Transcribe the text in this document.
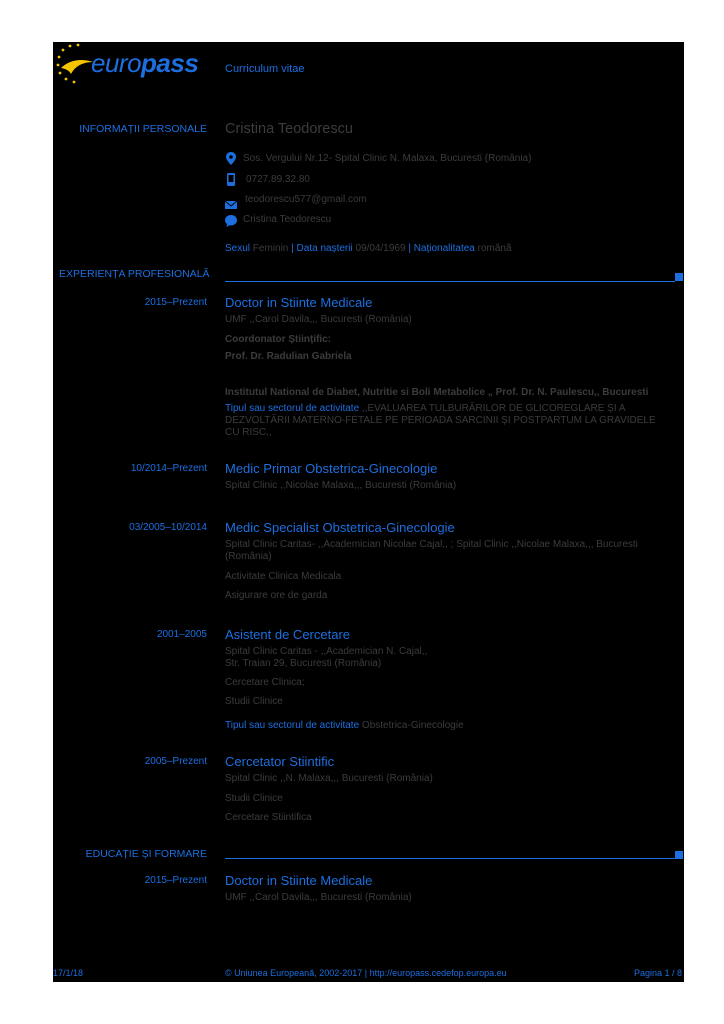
europass Curriculum vitae
INFORMAȚII PERSONALE Cristina Teodorescu
Sos. Vergului Nr.12- Spital Clinic N. Malaxa, Bucuresti (România)
0727.89.32.80
teodorescu577@gmail.com
Cristina Teodorescu
Sexul Feminin | Data nașterii 09/04/1969 | Naționalitatea română
EXPERIENȚA PROFESIONALĂ
2015–Prezent Doctor in Stiinte Medicale
UMF ,,Carol Davila,,, Bucuresti (România)
Coordonator Științific:
Prof. Dr. Radulian Gabriela
Institutul National de Diabet, Nutritie si Boli Metabolice „ Prof. Dr. N. Paulescu,, Bucuresti
Tipul sau sectorul de activitate ,,EVALUAREA TULBURĂRILOR DE GLICOREGLARE ȘI A
DEZVOLTĂRII MATERNO-FETALE PE PERIOADA SARCINII ȘI POSTPARTUM LA GRAVIDELE
CU RISC,,
10/2014–Prezent Medic Primar Obstetrica-Ginecologie
Spital Clinic ,,Nicolae Malaxa,,, Bucuresti (România)
03/2005–10/2014 Medic Specialist Obstetrica-Ginecologie
Spital Clinic Caritas- ,,Academician Nicolae Cajal,, ; Spital Clinic ,,Nicolae Malaxa,,, Bucuresti
(România)
Activitate Clinica Medicala
Asigurare ore de garda
2001–2005 Asistent de Cercetare
Spital Clinic Caritas - ,,Academician N. Cajal,,
Str. Traian 29, Bucuresti (România)
Cercetare Clinica;
Studii Clinice
Tipul sau sectorul de activitate Obstetrica-Ginecologie
2005–Prezent Cercetator Stiintific
Spital Clinic ,,N. Malaxa,,, Bucuresti (România)
Studii Clinice
Cercetare Stiintifica
EDUCAȚIE ȘI FORMARE
2015–Prezent Doctor in Stiinte Medicale
UMF ,,Carol Davila,,, Bucuresti (România)
17/1/18	© Uniunea Europeană, 2002-2017 | http://europass.cedefop.europa.eu	Pagina 1 / 8
